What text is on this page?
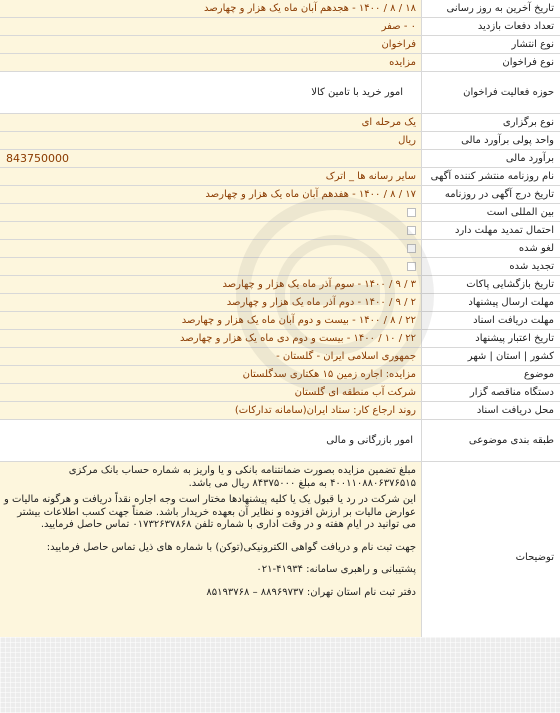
تاریخ آخرین به روز رسانی
۱۸ / ۸ / ۱۴۰۰ - هجدهم آبان ماه یک هزار و چهارصد
تعداد دفعات بازدید
۰ - صفر
نوع انتشار
فراخوان
نوع فراخوان
مزایده
حوزه فعالیت فراخوان
امور خرید با تامین کالا
نوع برگزاری
یک مرحله ای
واحد پولی برآورد مالی
ریال
برآورد مالی
843750000
نام روزنامه منتشر کننده آگهی
سایر رسانه ها _ اترک
تاریخ درج آگهی در روزنامه
۱۷ / ۸ / ۱۴۰۰ - هفدهم آبان ماه یک هزار و چهارصد
بین المللی است
احتمال تمدید مهلت دارد
لغو شده
تجدید شده
تاریخ بازگشایی پاکات
۳ / ۹ / ۱۴۰۰ - سوم آذر ماه یک هزار و چهارصد
مهلت ارسال پیشنهاد
۲ / ۹ / ۱۴۰۰ - دوم آذر ماه یک هزار و چهارصد
مهلت دریافت اسناد
۲۲ / ۸ / ۱۴۰۰ - بیست و دوم آبان ماه یک هزار و چهارصد
تاریخ اعتبار پیشنهاد
۲۲ / ۱۰ / ۱۴۰۰ - بیست و دوم دی ماه یک هزار و چهارصد
کشور | استان | شهر
جمهوری اسلامی ایران - گلستان -
موضوع
مزایده: اجاره زمین ۱۵ هکتاری سدگلستان
دستگاه مناقصه گزار
شرکت آب منطقه ای گلستان
محل دریافت اسناد
روند ارجاع کار: ستاد ایران(سامانه تدارکات)
طبقه بندی موضوعی
امور بازرگانی و مالی
توضیحات

مبلغ تضمین مزایده بصورت ضمانتنامه بانکی و یا واریز به شماره حساب بانک مرکزی ۴۰۰۱۱۰۸۸۰۶۳۷۶۵۱۵ به مبلغ ۸۴۳۷۵۰۰۰ ریال می باشد.

این شرکت در رد یا قبول یک یا کلیه پیشنهادها مختار است وجه اجاره نقداً دریافت و هرگونه مالیات و عوارض مالیات بر ارزش افزوده و نظایر آن بعهده خریدار باشد. ضمناً جهت کسب اطلاعات بیشتر می توانید در ایام هفته و در وقت اداری با شماره تلفن ۰۱۷۳۲۶۳۷۸۶۸ تماس حاصل فرمایید.

جهت ثبت نام و دریافت گواهی الکترونیکی(توکن) با شماره های ذیل تماس حاصل فرمایید:

پشتیبانی و راهبری سامانه: ۴۱۹۳۴-۰۲۱

دفتر ثبت نام استان تهران: ۸۸۹۶۹۷۳۷ – ۸۵۱۹۳۷۶۸
